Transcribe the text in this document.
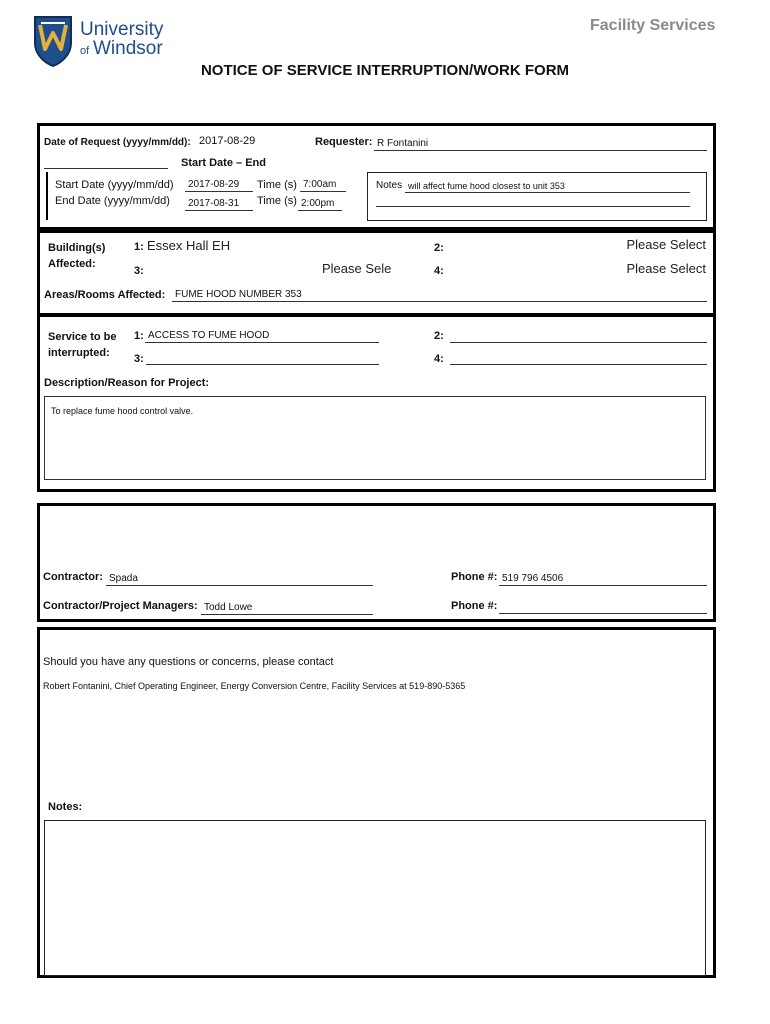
University
of Windsor
Facility Services
NOTICE OF SERVICE INTERRUPTION/WORK FORM
Date of Request (yyyy/mm/dd): 2017-08-29	Requester: R Fontanini
Start Date – End
Start Date (yyyy/mm/dd)	2017-08-29	Time (s) 7:00am
End Date (yyyy/mm/dd)	2017-08-31	Time (s) 2:00pm
Notes will affect fume hood closest to unit 353
Building(s)
Affected:
1: Essex Hall EH	2:	Please Select
3:	Please Sele	4:	Please Select
Areas/Rooms Affected: FUME HOOD NUMBER 353
Service to be
interrupted:
1: ACCESS TO FUME HOOD	2:
3:	4:
Description/Reason for Project:
To replace fume hood control valve.
Contractor: Spada	Phone #: 519 796 4506
Contractor/Project Managers: Todd Lowe	Phone #:
Should you have any questions or concerns, please contact
Robert Fontanini, Chief Operating Engineer, Energy Conversion Centre, Facility Services at 519-890-5365
Notes:
